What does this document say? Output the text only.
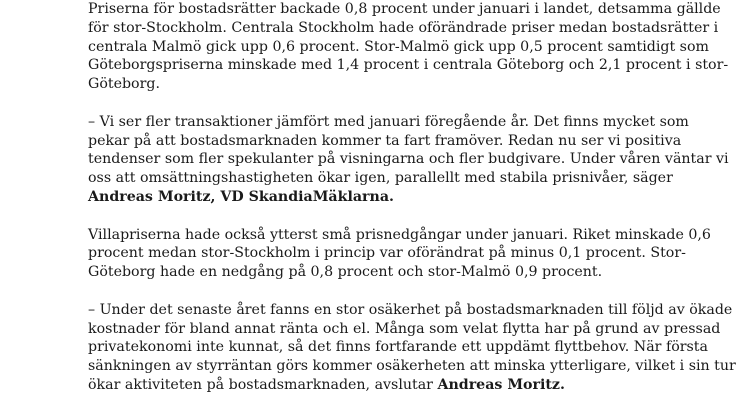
Priserna för bostadsrätter backade 0,8 procent under januari i landet, detsamma gällde
för stor-Stockholm. Centrala Stockholm hade oförändrade priser medan bostadsrätter i
centrala Malmö gick upp 0,6 procent. Stor-Malmö gick upp 0,5 procent samtidigt som
Göteborgspriserna minskade med 1,4 procent i centrala Göteborg och 2,1 procent i stor-
Göteborg.

– Vi ser fler transaktioner jämfört med januari föregående år. Det finns mycket som
pekar på att bostadsmarknaden kommer ta fart framöver. Redan nu ser vi positiva
tendenser som fler spekulanter på visningarna och fler budgivare. Under våren väntar vi
oss att omsättningshastigheten ökar igen, parallellt med stabila prisnivåer, säger
Andreas Moritz, VD SkandiaMäklarna.

Villapriserna hade också ytterst små prisnedgångar under januari. Riket minskade 0,6
procent medan stor-Stockholm i princip var oförändrat på minus 0,1 procent. Stor-
Göteborg hade en nedgång på 0,8 procent och stor-Malmö 0,9 procent.

– Under det senaste året fanns en stor osäkerhet på bostadsmarknaden till följd av ökade
kostnader för bland annat ränta och el. Många som velat flytta har på grund av pressad
privatekonomi inte kunnat, så det finns fortfarande ett uppdämt flyttbehov. När första
sänkningen av styrräntan görs kommer osäkerheten att minska ytterligare, vilket i sin tur
ökar aktiviteten på bostadsmarknaden, avslutar Andreas Moritz.
